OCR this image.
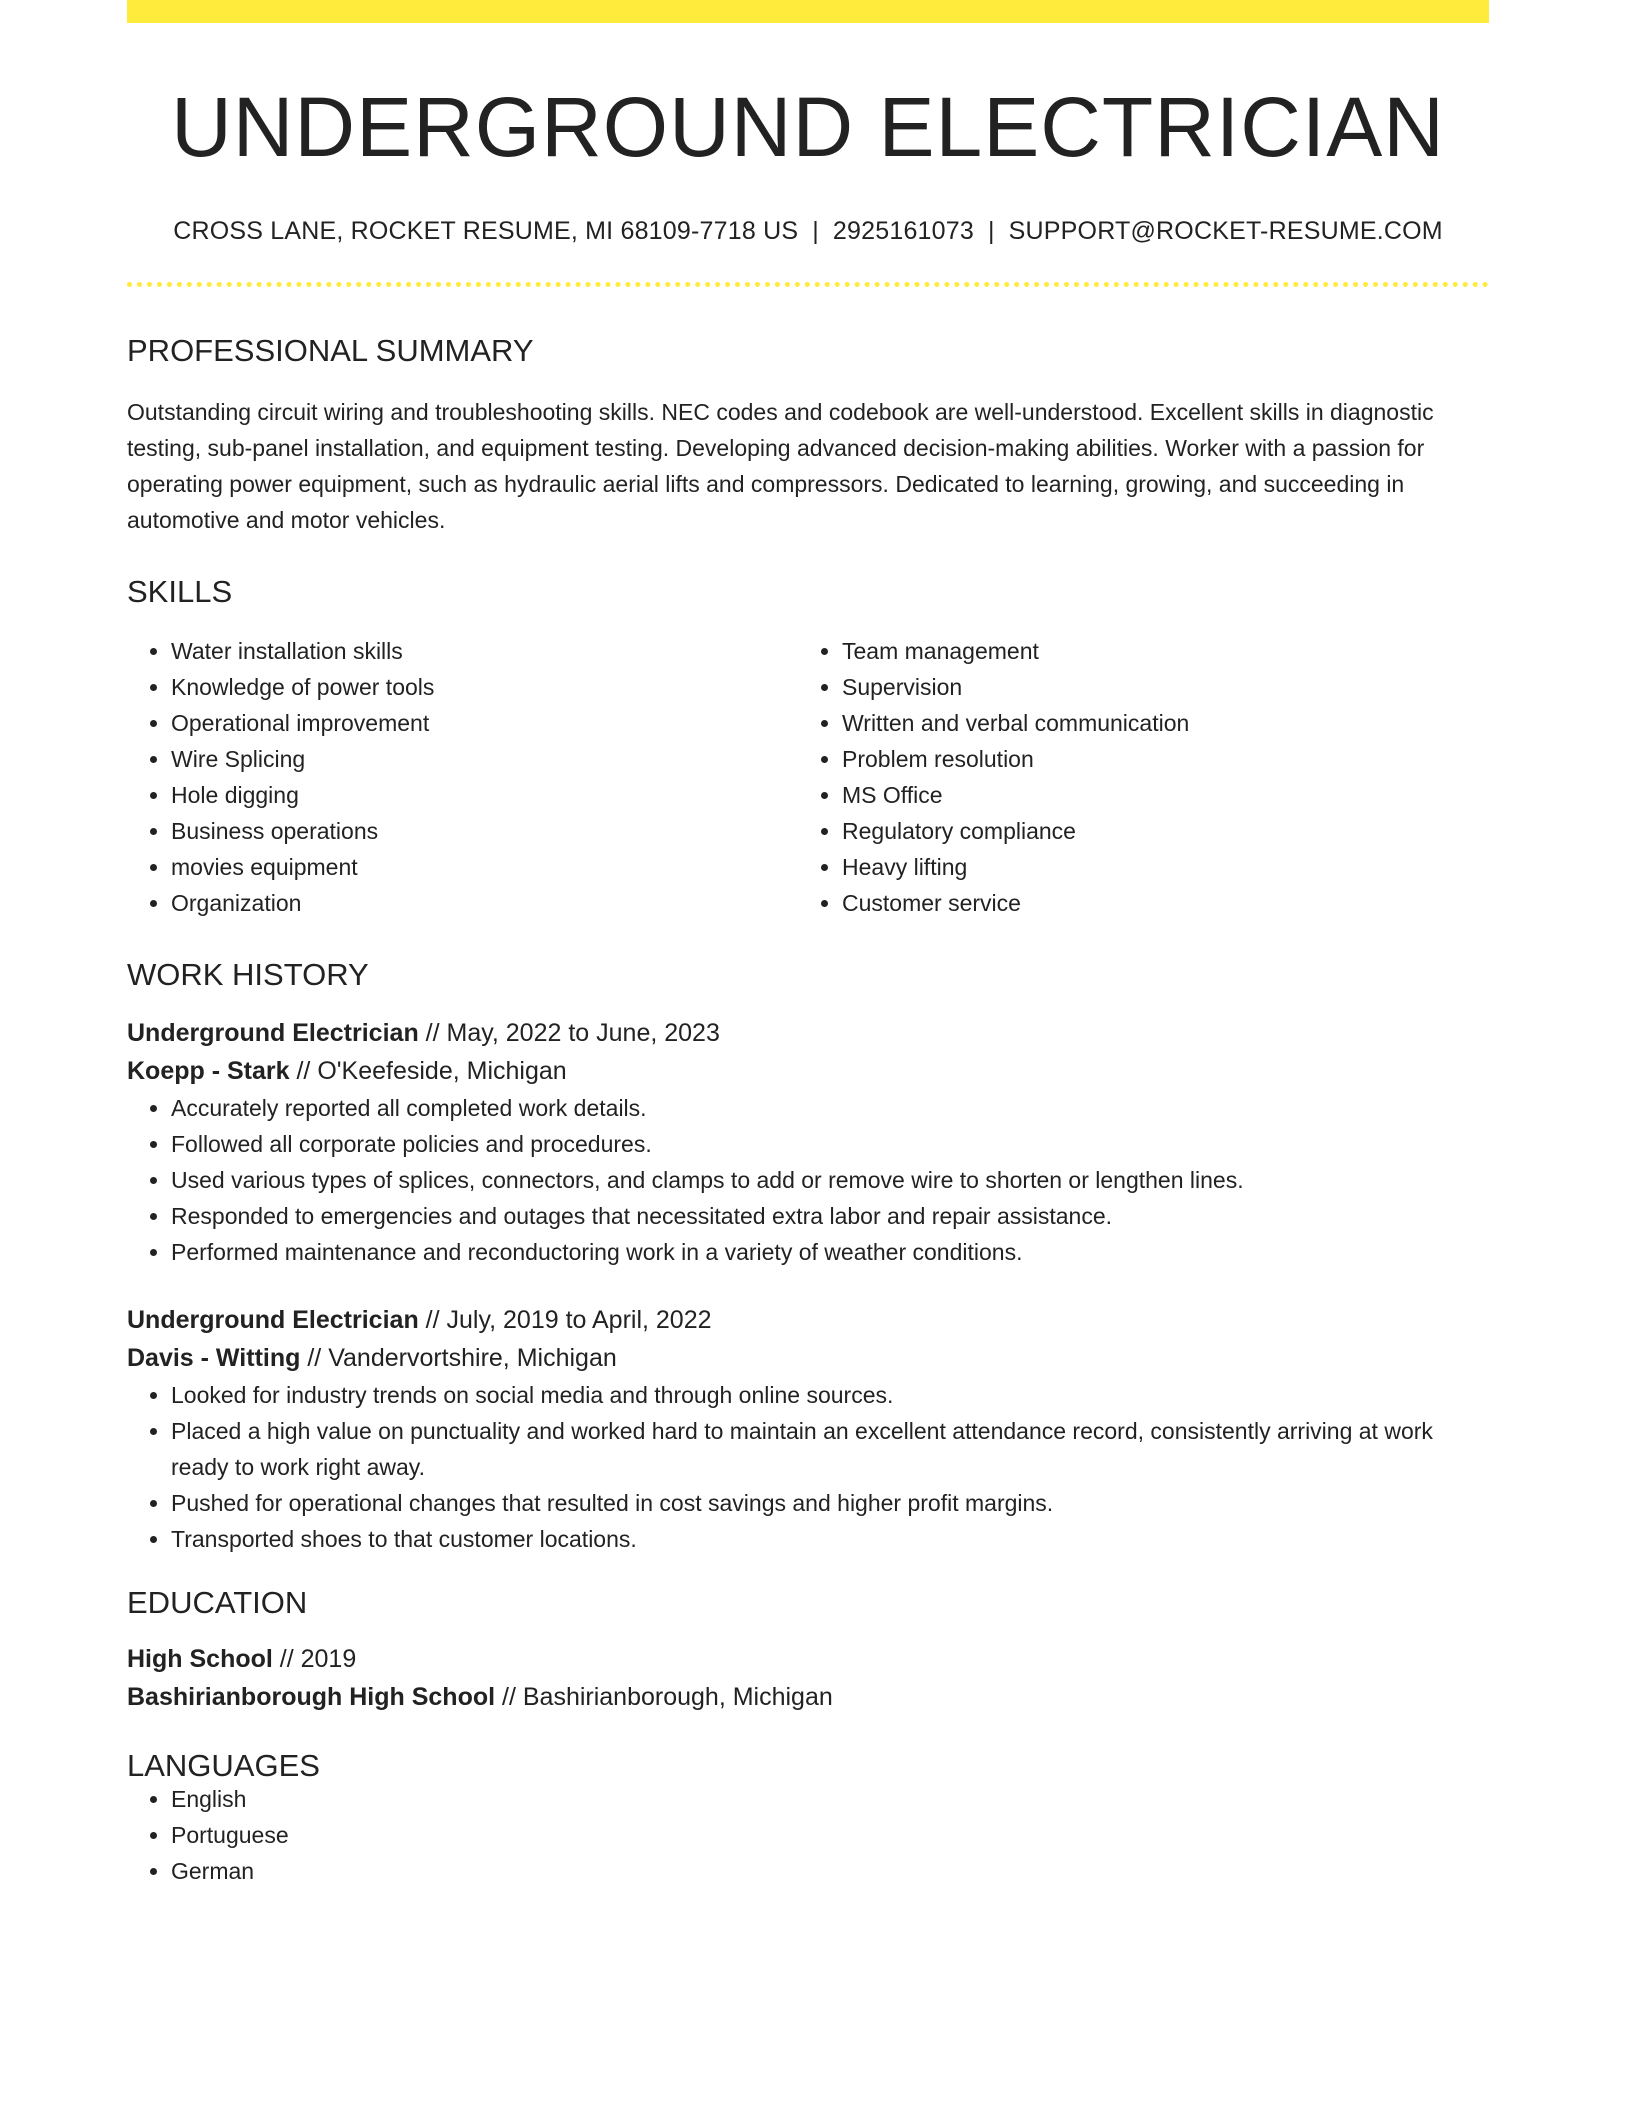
UNDERGROUND ELECTRICIAN
CROSS LANE, ROCKET RESUME, MI 68109-7718 US | 2925161073 | SUPPORT@ROCKET-RESUME.COM
PROFESSIONAL SUMMARY
Outstanding circuit wiring and troubleshooting skills. NEC codes and codebook are well-understood. Excellent skills in diagnostic testing, sub-panel installation, and equipment testing. Developing advanced decision-making abilities. Worker with a passion for operating power equipment, such as hydraulic aerial lifts and compressors. Dedicated to learning, growing, and succeeding in automotive and motor vehicles.
SKILLS
• Water installation skills
• Knowledge of power tools
• Operational improvement
• Wire Splicing
• Hole digging
• Business operations
• movies equipment
• Organization
• Team management
• Supervision
• Written and verbal communication
• Problem resolution
• MS Office
• Regulatory compliance
• Heavy lifting
• Customer service
WORK HISTORY
Underground Electrician // May, 2022 to June, 2023
Koepp - Stark // O'Keefeside, Michigan
• Accurately reported all completed work details.
• Followed all corporate policies and procedures.
• Used various types of splices, connectors, and clamps to add or remove wire to shorten or lengthen lines.
• Responded to emergencies and outages that necessitated extra labor and repair assistance.
• Performed maintenance and reconductoring work in a variety of weather conditions.
Underground Electrician // July, 2019 to April, 2022
Davis - Witting // Vandervortshire, Michigan
• Looked for industry trends on social media and through online sources.
• Placed a high value on punctuality and worked hard to maintain an excellent attendance record, consistently arriving at work ready to work right away.
• Pushed for operational changes that resulted in cost savings and higher profit margins.
• Transported shoes to that customer locations.
EDUCATION
High School // 2019
Bashirianborough High School // Bashirianborough, Michigan
LANGUAGES
• English
• Portuguese
• German
